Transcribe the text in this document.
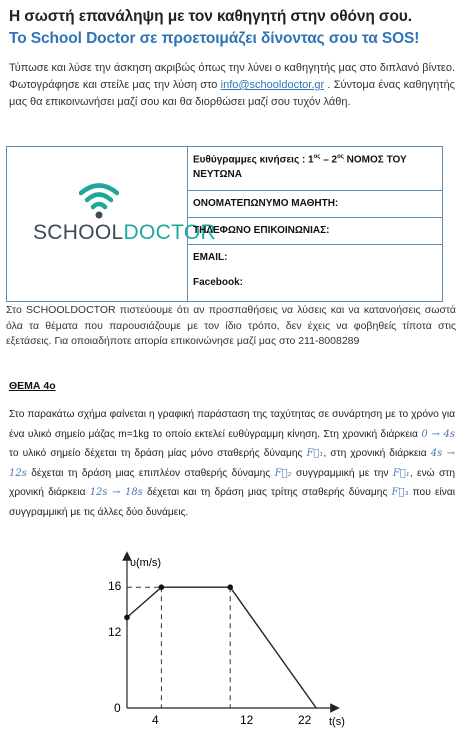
Η σωστή επανάληψη με τον καθηγητή στην οθόνη σου.
Το School Doctor σε προετοιμάζει δίνοντας σου τα SOS!
Τύπωσε και λύσε την άσκηση ακριβώς όπως την λύνει ο καθηγητής μας στο διπλανό βίντεο. Φωτογράφησε και στείλε μας την λύση στο info@schooldoctor.gr . Σύντομα ένας καθηγητής μας θα επικοινωνήσει μαζί σου και θα διορθώσει μαζί σου τυχόν λάθη.
SCHOOLDOCTOR
Ευθύγραμμες κινήσεις : $1^{o\varsigma} - 2^{o\varsigma}$ ΝΟΜΟΣ ΤΟΥ ΝΕΥΤΩΝΑ
ΟΝΟΜΑΤΕΠΩΝΥΜΟ ΜΑΘΗΤΗ:
ΤΗΛΕΦΩΝΟ ΕΠΙΚΟΙΝΩΝΙΑΣ:
EMAIL:
Facebook:
Στο SCHOOLDOCTOR πιστεύουμε ότι αν προσπαθήσεις να λύσεις και να κατανοήσεις σωστά όλα τα θέματα που παρουσιάζουμε με τον ίδιο τρόπο, δεν έχεις να φοβηθείς τίποτα στις εξετάσεις. Για οποιαδήποτε απορία επικοινώνησε μαζί μας στο 211-8008289
ΘΕΜΑ 4ο
Στο παρακάτω σχήμα φαίνεται η γραφική παράσταση της ταχύτητας σε συνάρτηση με το χρόνο για ένα υλικό σημείο μάζας m=1kg το οποίο εκτελεί ευθύγραμμη κίνηση. Στη χρονική διάρκεια 0 → 4s το υλικό σημείο δέχεται τη δράση μίας μόνο σταθερής δύναμης F⃗₁, στη χρονική διάρκεια 4s → 12s δέχεται τη δράση μιας επιπλέον σταθερής δύναμης F⃗₂ συγγραμμική με την F⃗₁, ενώ στη χρονική διάρκεια 12s → 18s δέχεται και τη δράση μιας τρίτης σταθερής δύναμης F⃗₃ που είναι συγγραμμική με τις άλλες δύο δυνάμεις.
υ(m/s)
t(s)
0
16
12
4	12	22
